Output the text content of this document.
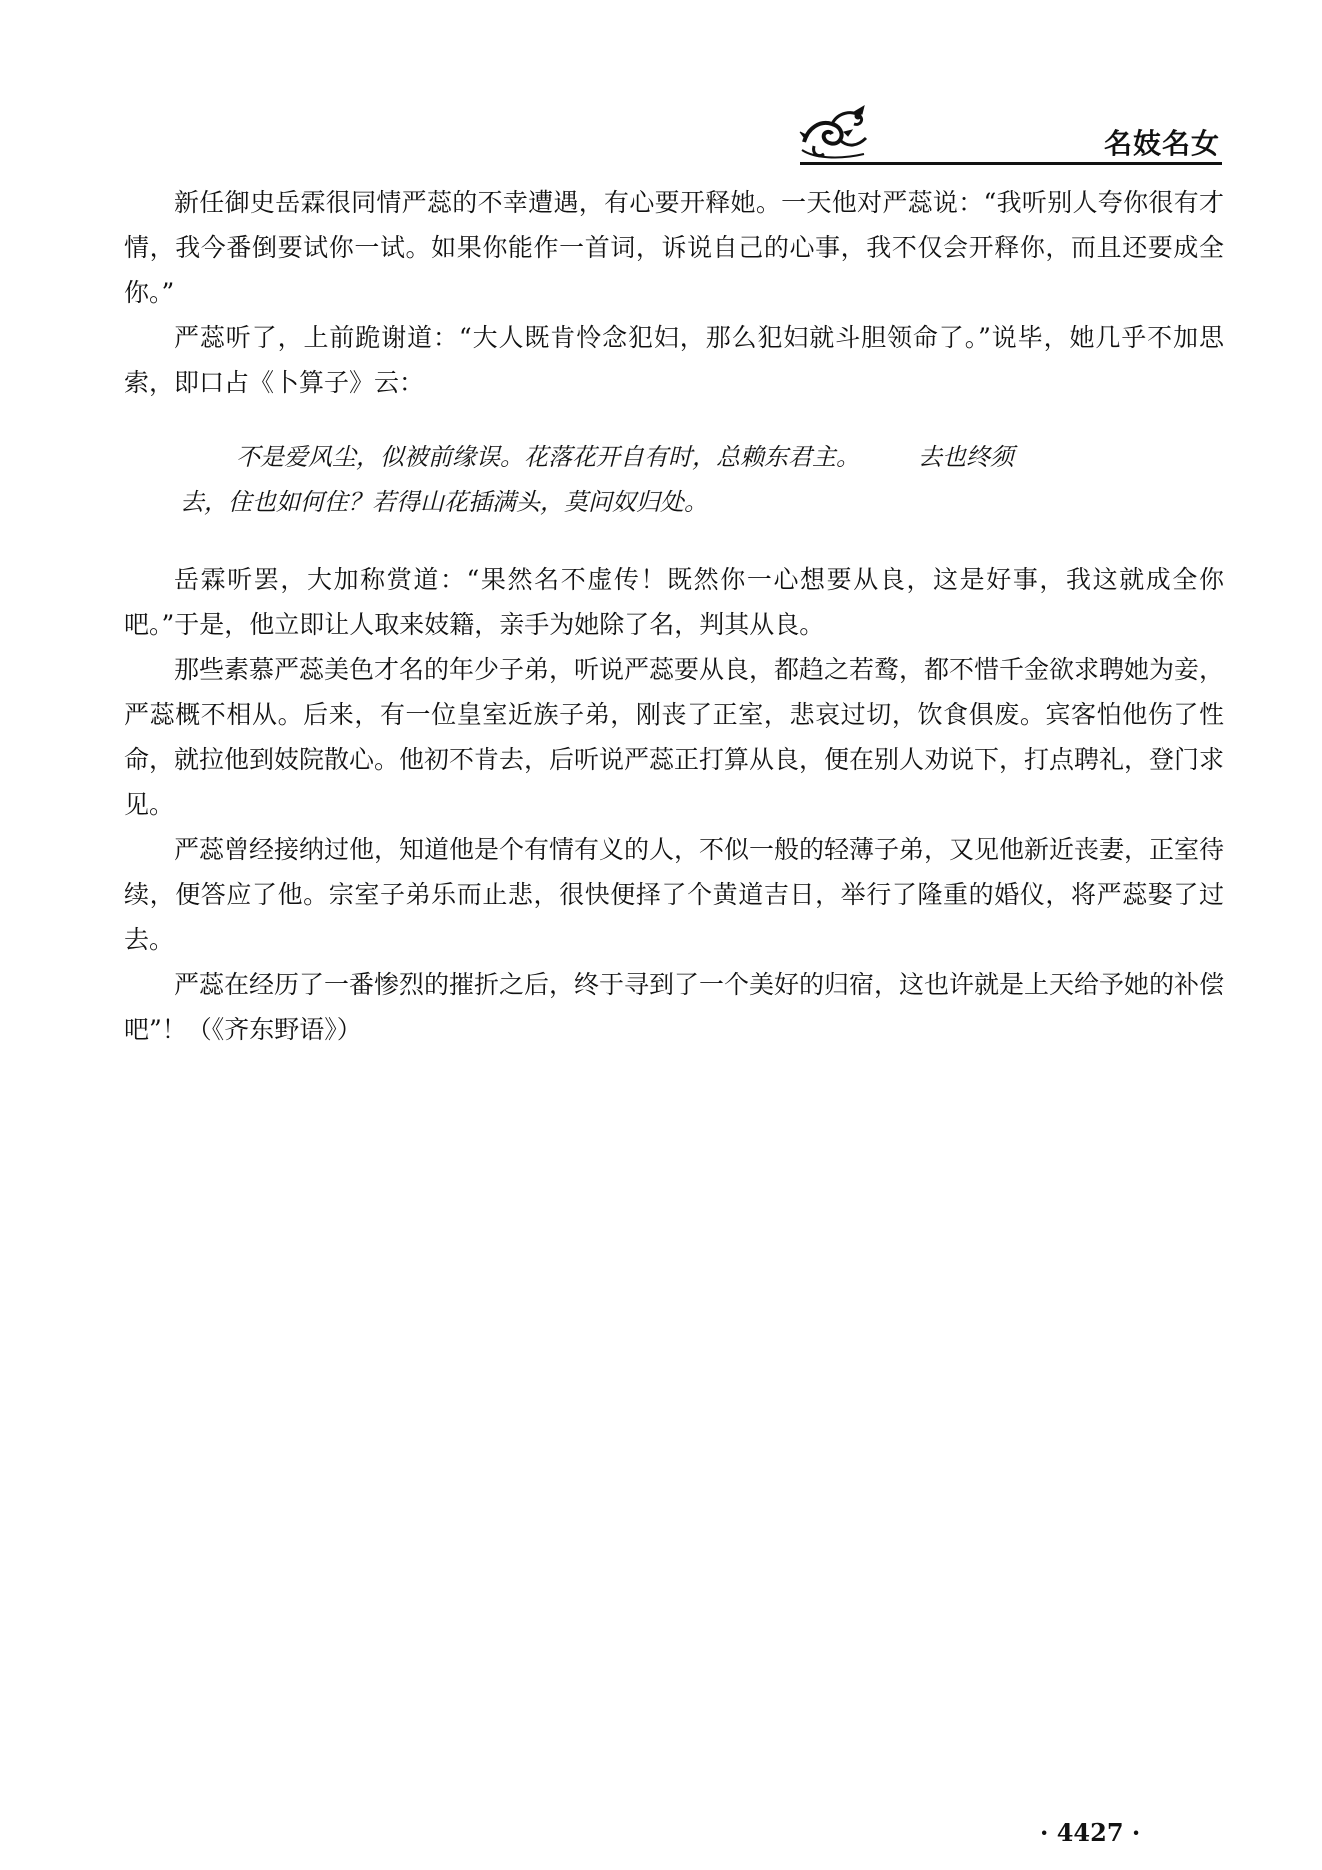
名妓名女

新任御史岳霖很同情严蕊的不幸遭遇，有心要开释她。一天他对严蕊说：“我听别人夸你很有才情，我今番倒要试你一试。如果你能作一首词，诉说自己的心事，我不仅会开释你，而且还要成全你。”

严蕊听了，上前跪谢道：“大人既肯怜念犯妇，那么犯妇就斗胆领命了。”说毕，她几乎不加思索，即口占《卜算子》云：

不是爱风尘，似被前缘误。花落花开自有时，总赖东君主。 去也终须
去，住也如何住？若得山花插满头，莫问奴归处。

岳霖听罢，大加称赏道：“果然名不虚传！既然你一心想要从良，这是好事，我这就成全你吧。”于是，他立即让人取来妓籍，亲手为她除了名，判其从良。

那些素慕严蕊美色才名的年少子弟，听说严蕊要从良，都趋之若鹜，都不惜千金欲求聘她为妾，严蕊概不相从。后来，有一位皇室近族子弟，刚丧了正室，悲哀过切，饮食俱废。宾客怕他伤了性命，就拉他到妓院散心。他初不肯去，后听说严蕊正打算从良，便在别人劝说下，打点聘礼，登门求见。

严蕊曾经接纳过他，知道他是个有情有义的人，不似一般的轻薄子弟，又见他新近丧妻，正室待续，便答应了他。宗室子弟乐而止悲，很快便择了个黄道吉日，举行了隆重的婚仪，将严蕊娶了过去。

严蕊在经历了一番惨烈的摧折之后，终于寻到了一个美好的归宿，这也许就是上天给予她的补偿吧”！（《齐东野语》）

· 4427 ·
